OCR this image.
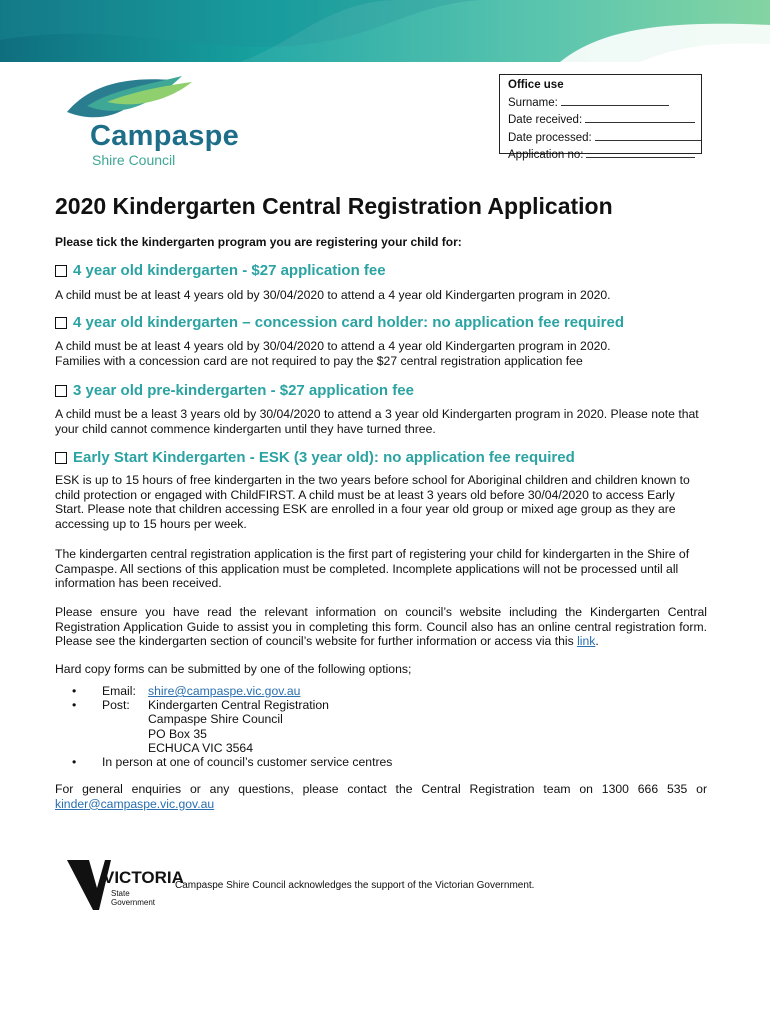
Campaspe
Shire Council
Office use
Surname:
Date received:
Date processed:
Application no:
2020 Kindergarten Central Registration Application
Please tick the kindergarten program you are registering your child for:
4 year old kindergarten - $27 application fee
A child must be at least 4 years old by 30/04/2020 to attend a 4 year old Kindergarten program in 2020.
4 year old kindergarten – concession card holder: no application fee required
A child must be at least 4 years old by 30/04/2020 to attend a 4 year old Kindergarten program in 2020.
Families with a concession card are not required to pay the $27 central registration application fee
3 year old pre-kindergarten - $27 application fee
A child must be a least 3 years old by 30/04/2020 to attend a 3 year old Kindergarten program in 2020. Please note that your child cannot commence kindergarten until they have turned three.
Early Start Kindergarten - ESK (3 year old): no application fee required
ESK is up to 15 hours of free kindergarten in the two years before school for Aboriginal children and children known to child protection or engaged with ChildFIRST. A child must be at least 3 years old before 30/04/2020 to access Early Start. Please note that children accessing ESK are enrolled in a four year old group or mixed age group as they are accessing up to 15 hours per week.
The kindergarten central registration application is the first part of registering your child for kindergarten in the Shire of Campaspe. All sections of this application must be completed. Incomplete applications will not be processed until all information has been received.
Please ensure you have read the relevant information on council’s website including the Kindergarten Central Registration Application Guide to assist you in completing this form. Council also has an online central registration form. Please see the kindergarten section of council’s website for further information or access via this link.
Hard copy forms can be submitted by one of the following options;
•	Email: shire@campaspe.vic.gov.au
•	Post:	Kindergarten Central Registration
Campaspe Shire Council
PO Box 35
ECHUCA VIC 3564
•	In person at one of council’s customer service centres
For general enquiries or any questions, please contact the Central Registration team on 1300 666 535 or kinder@campaspe.vic.gov.au
VICTORIA
State
Government
Campaspe Shire Council acknowledges the support of the Victorian Government.
